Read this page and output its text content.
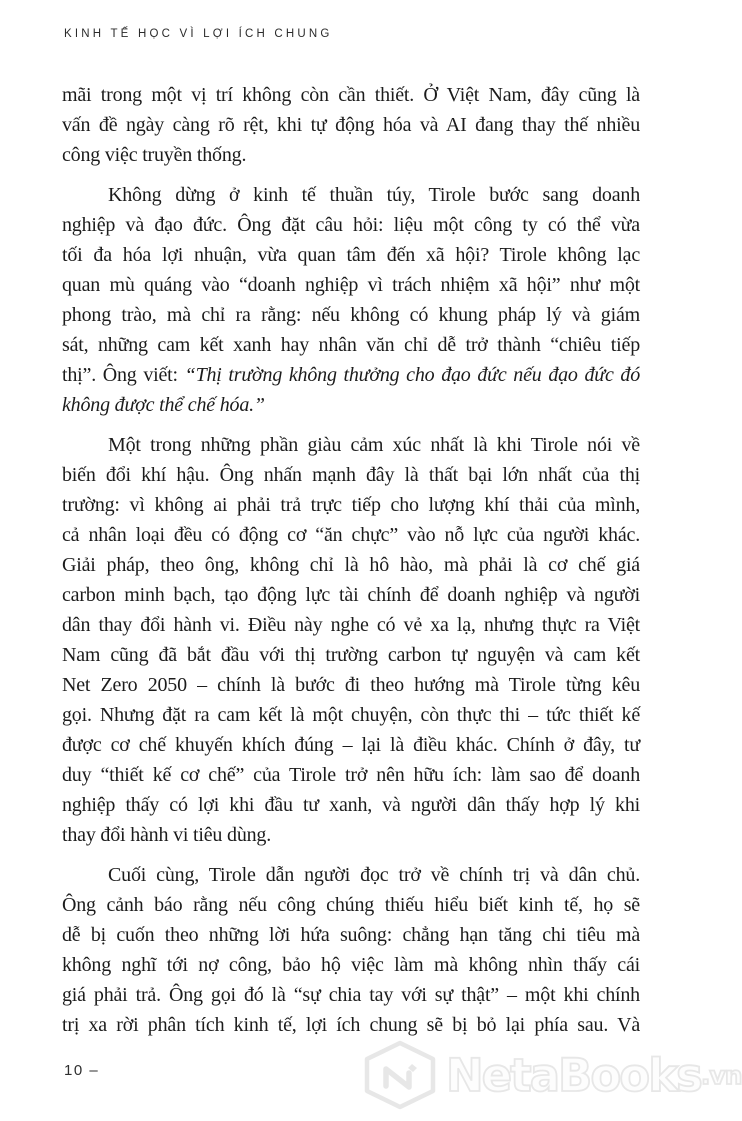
KINH TẾ HỌC VÌ LỢI ÍCH CHUNG

mãi trong một vị trí không còn cần thiết. Ở Việt Nam, đây cũng là
vấn đề ngày càng rõ rệt, khi tự động hóa và AI đang thay thế nhiều
công việc truyền thống.

Không dừng ở kinh tế thuần túy, Tirole bước sang doanh
nghiệp và đạo đức. Ông đặt câu hỏi: liệu một công ty có thể vừa
tối đa hóa lợi nhuận, vừa quan tâm đến xã hội? Tirole không lạc
quan mù quáng vào “doanh nghiệp vì trách nhiệm xã hội” như một
phong trào, mà chỉ ra rằng: nếu không có khung pháp lý và giám
sát, những cam kết xanh hay nhân văn chỉ dễ trở thành “chiêu tiếp
thị”. Ông viết: “Thị trường không thưởng cho đạo đức nếu đạo đức đó
không được thể chế hóa.”

Một trong những phần giàu cảm xúc nhất là khi Tirole nói về
biến đổi khí hậu. Ông nhấn mạnh đây là thất bại lớn nhất của thị
trường: vì không ai phải trả trực tiếp cho lượng khí thải của mình,
cả nhân loại đều có động cơ “ăn chực” vào nỗ lực của người khác.
Giải pháp, theo ông, không chỉ là hô hào, mà phải là cơ chế giá
carbon minh bạch, tạo động lực tài chính để doanh nghiệp và người
dân thay đổi hành vi. Điều này nghe có vẻ xa lạ, nhưng thực ra Việt
Nam cũng đã bắt đầu với thị trường carbon tự nguyện và cam kết
Net Zero 2050 – chính là bước đi theo hướng mà Tirole từng kêu
gọi. Nhưng đặt ra cam kết là một chuyện, còn thực thi – tức thiết kế
được cơ chế khuyến khích đúng – lại là điều khác. Chính ở đây, tư
duy “thiết kế cơ chế” của Tirole trở nên hữu ích: làm sao để doanh
nghiệp thấy có lợi khi đầu tư xanh, và người dân thấy hợp lý khi
thay đổi hành vi tiêu dùng.

Cuối cùng, Tirole dẫn người đọc trở về chính trị và dân chủ.
Ông cảnh báo rằng nếu công chúng thiếu hiểu biết kinh tế, họ sẽ
dễ bị cuốn theo những lời hứa suông: chẳng hạn tăng chi tiêu mà
không nghĩ tới nợ công, bảo hộ việc làm mà không nhìn thấy cái
giá phải trả. Ông gọi đó là “sự chia tay với sự thật” – một khi chính
trị xa rời phân tích kinh tế, lợi ích chung sẽ bị bỏ lại phía sau. Và

10 –	NetaBooks .vn
